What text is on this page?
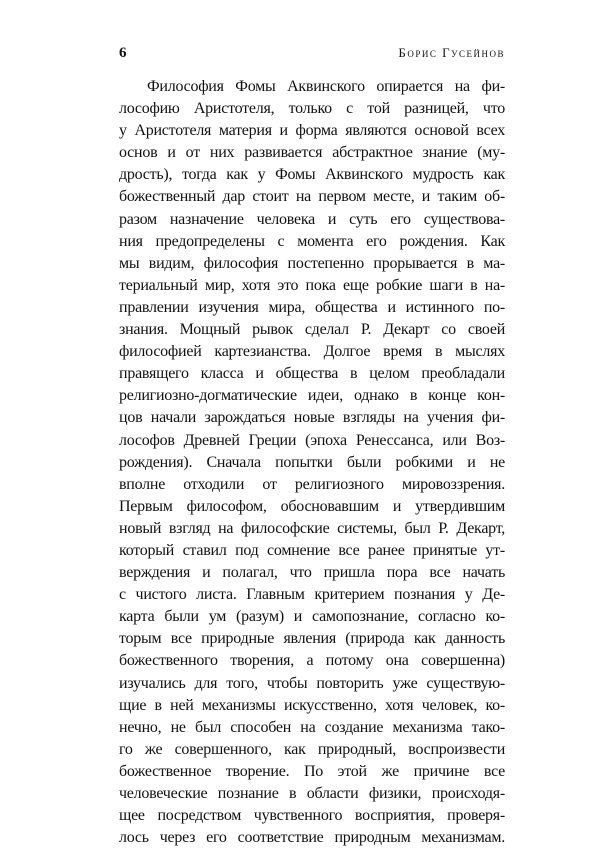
6	Борис Гусейнов
Философия Фомы Аквинского опирается на фи-
лософию Аристотеля, только с той разницей, что
у Аристотеля материя и форма являются основой всех
основ и от них развивается абстрактное знание (му-
дрость), тогда как у Фомы Аквинского мудрость как
божественный дар стоит на первом месте, и таким об-
разом назначение человека и суть его существова-
ния предопределены с момента его рождения. Как
мы видим, философия постепенно прорывается в ма-
териальный мир, хотя это пока еще робкие шаги в на-
правлении изучения мира, общества и истинного по-
знания. Мощный рывок сделал Р. Декарт со своей
философией картезианства. Долгое время в мыслях
правящего класса и общества в целом преобладали
религиозно-догматические идеи, однако в конце кон-
цов начали зарождаться новые взгляды на учения фи-
лософов Древней Греции (эпоха Ренессанса, или Воз-
рождения). Сначала попытки были робкими и не
вполне отходили от религиозного мировоззрения.
Первым философом, обосновавшим и утвердившим
новый взгляд на философские системы, был Р. Декарт,
который ставил под сомнение все ранее принятые ут-
верждения и полагал, что пришла пора все начать
с чистого листа. Главным критерием познания у Де-
карта были ум (разум) и самопознание, согласно ко-
торым все природные явления (природа как данность
божественного творения, а потому она совершенна)
изучались для того, чтобы повторить уже существую-
щие в ней механизмы искусственно, хотя человек, ко-
нечно, не был способен на создание механизма тако-
го же совершенного, как природный, воспроизвести
божественное творение. По этой же причине все
человеческие познание в области физики, происходя-
щее посредством чувственного восприятия, проверя-
лось через его соответствие природным механизмам.
